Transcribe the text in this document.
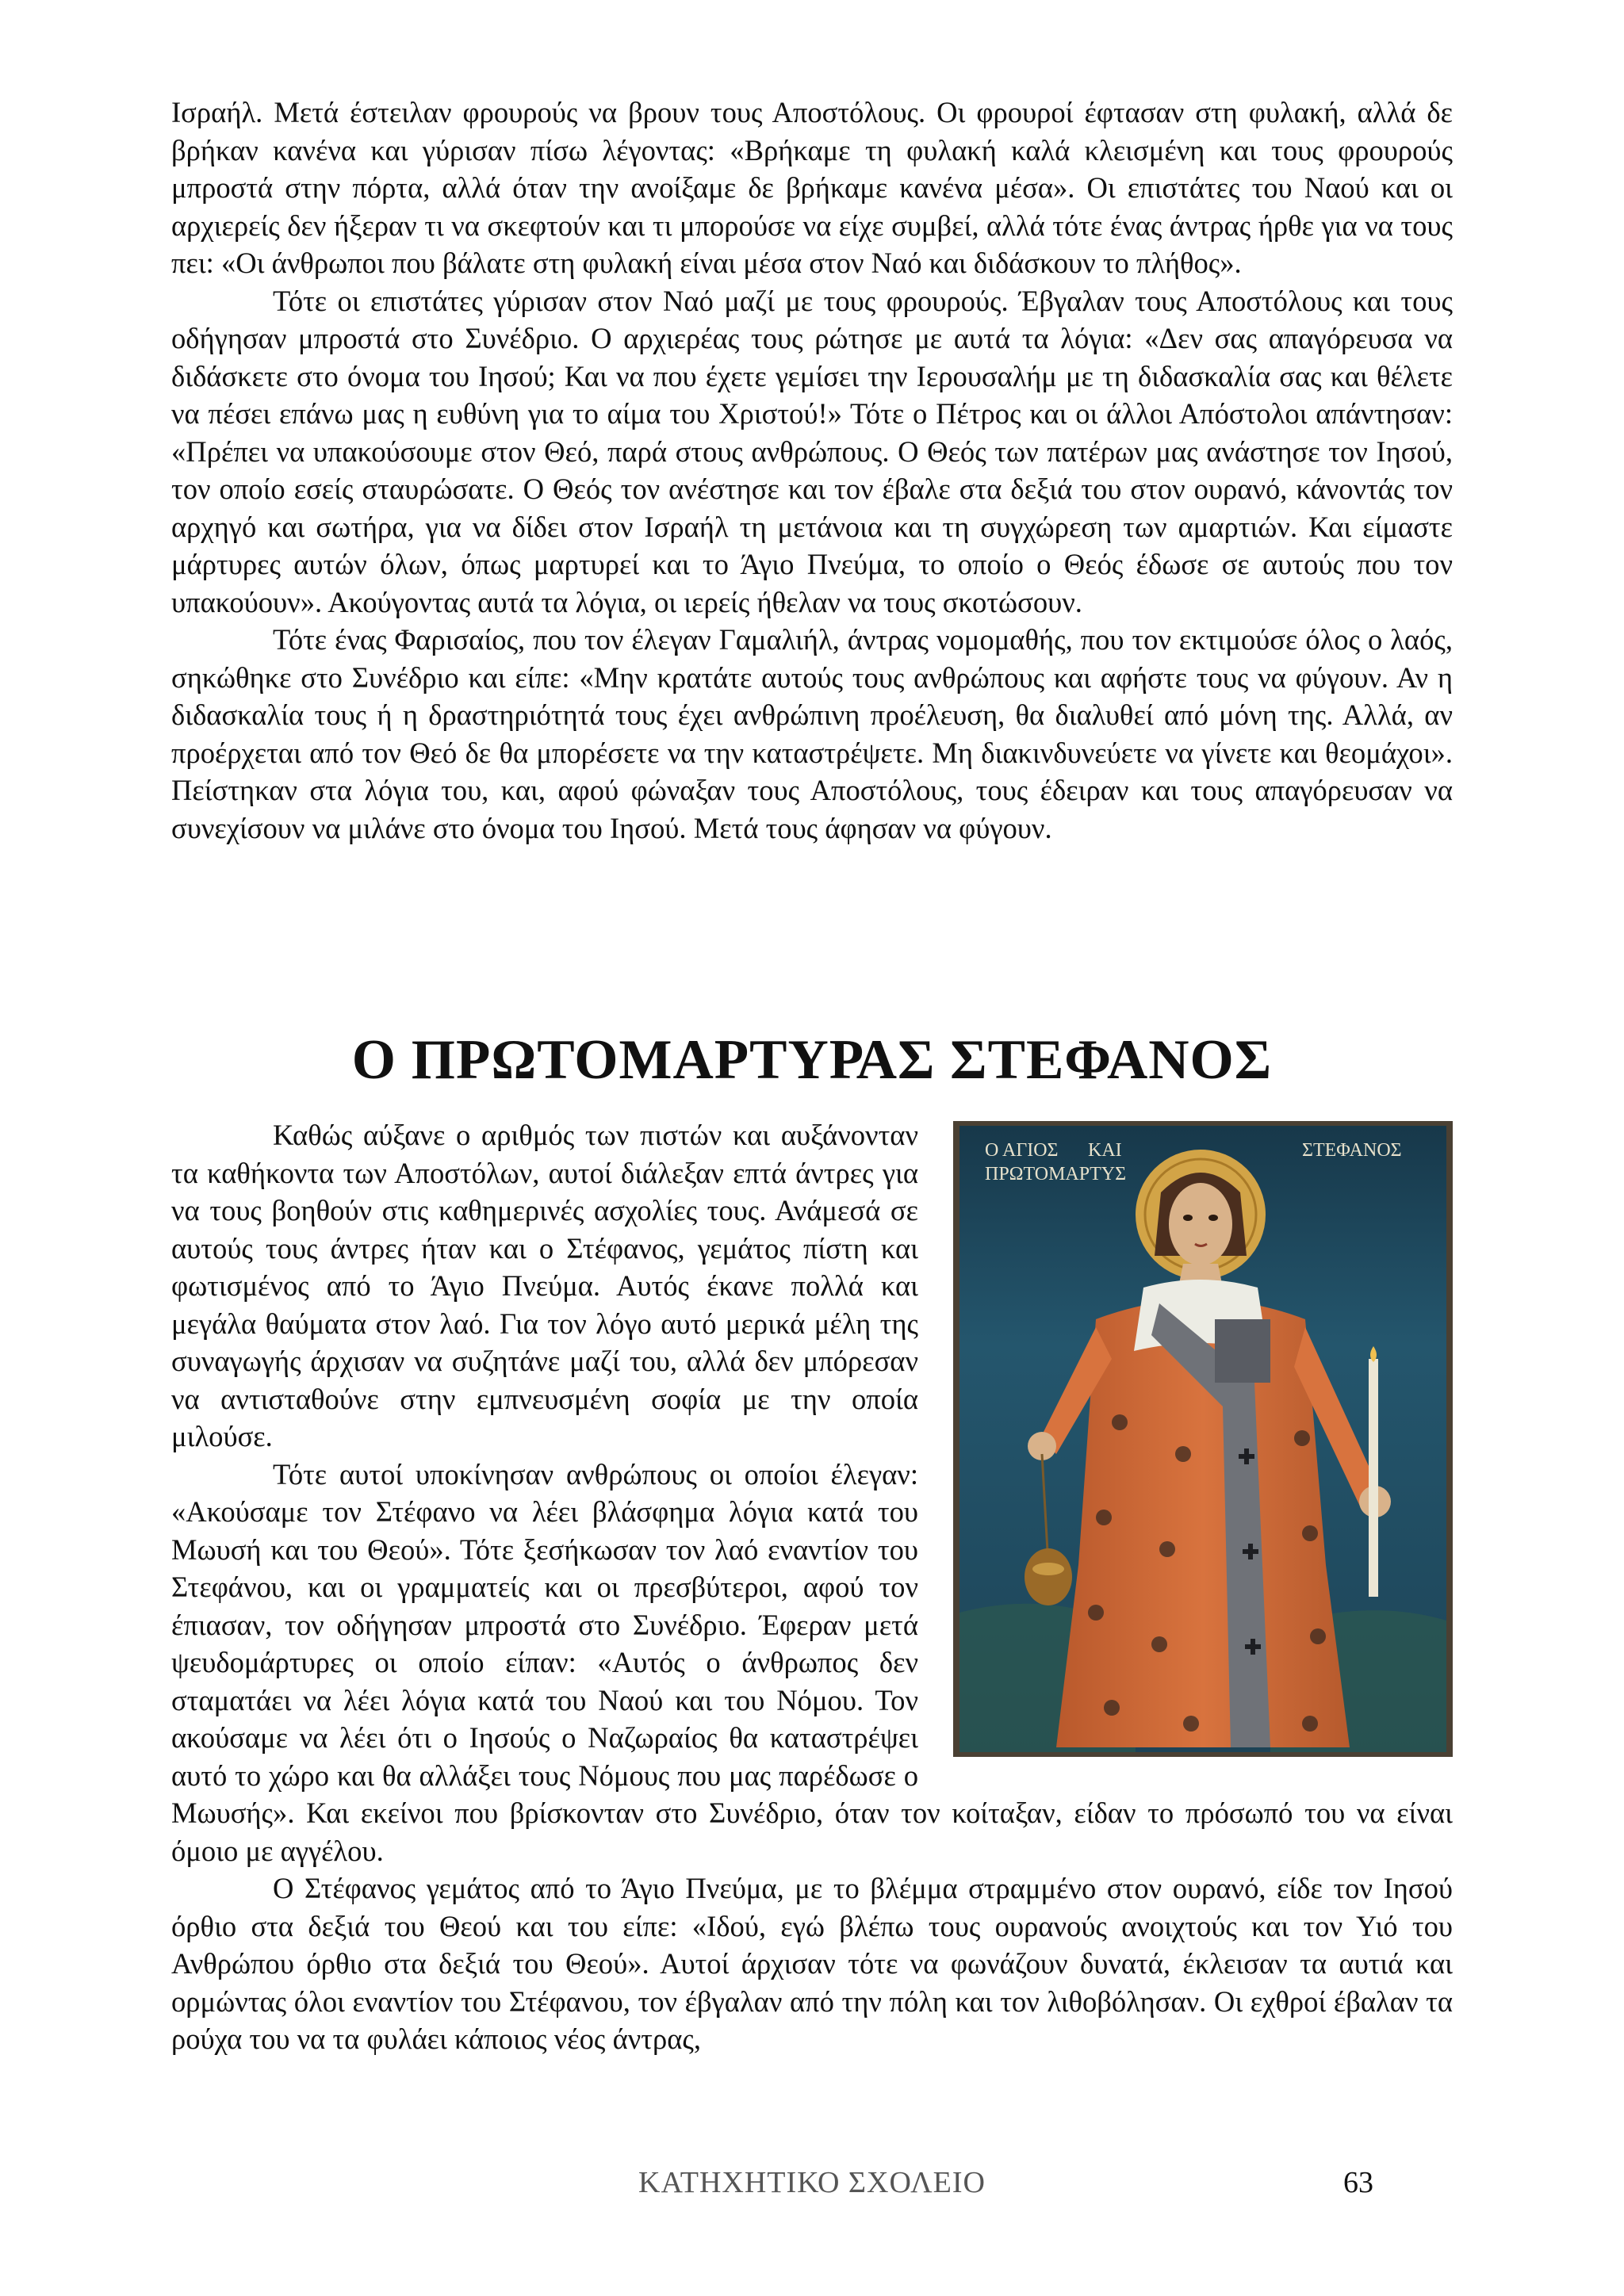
Ισραήλ. Μετά έστειλαν φρουρούς να βρουν τους Αποστόλους. Οι φρουροί έφτασαν στη φυλακή, αλλά δε βρήκαν κανένα και γύρισαν πίσω λέγοντας: «Βρήκαμε τη φυλακή καλά κλεισμένη και τους φρουρούς μπροστά στην πόρτα, αλλά όταν την ανοίξαμε δε βρήκαμε κανένα μέσα». Οι επιστάτες του Ναού και οι αρχιερείς δεν ήξεραν τι να σκεφτούν και τι μπορούσε να είχε συμβεί, αλλά τότε ένας άντρας ήρθε για να τους πει: «Οι άνθρωποι που βάλατε στη φυλακή είναι μέσα στον Ναό και διδάσκουν το πλήθος».

Τότε οι επιστάτες γύρισαν στον Ναό μαζί με τους φρουρούς. Έβγαλαν τους Αποστόλους και τους οδήγησαν μπροστά στο Συνέδριο. Ο αρχιερέας τους ρώτησε με αυτά τα λόγια: «Δεν σας απαγόρευσα να διδάσκετε στο όνομα του Ιησού; Και να που έχετε γεμίσει την Ιερουσαλήμ με τη διδασκαλία σας και θέλετε να πέσει επάνω μας η ευθύνη για το αίμα του Χριστού!» Τότε ο Πέτρος και οι άλλοι Απόστολοι απάντησαν: «Πρέπει να υπακούσουμε στον Θεό, παρά στους ανθρώπους. Ο Θεός των πατέρων μας ανάστησε τον Ιησού, τον οποίο εσείς σταυρώσατε. Ο Θεός τον ανέστησε και τον έβαλε στα δεξιά του στον ουρανό, κάνοντάς τον αρχηγό και σωτήρα, για να δίδει στον Ισραήλ τη μετάνοια και τη συγχώρεση των αμαρτιών. Και είμαστε μάρτυρες αυτών όλων, όπως μαρτυρεί και το Άγιο Πνεύμα, το οποίο ο Θεός έδωσε σε αυτούς που τον υπακούουν». Ακούγοντας αυτά τα λόγια, οι ιερείς ήθελαν να τους σκοτώσουν.

Τότε ένας Φαρισαίος, που τον έλεγαν Γαμαλιήλ, άντρας νομομαθής, που τον εκτιμούσε όλος ο λαός, σηκώθηκε στο Συνέδριο και είπε: «Μην κρατάτε αυτούς τους ανθρώπους και αφήστε τους να φύγουν. Αν η διδασκαλία τους ή η δραστηριότητά τους έχει ανθρώπινη προέλευση, θα διαλυθεί από μόνη της. Αλλά, αν προέρχεται από τον Θεό δε θα μπορέσετε να την καταστρέψετε. Μη διακινδυνεύετε να γίνετε και θεομάχοι». Πείστηκαν στα λόγια του, και, αφού φώναξαν τους Αποστόλους, τους έδειραν και τους απαγόρευσαν να συνεχίσουν να μιλάνε στο όνομα του Ιησού. Μετά τους άφησαν να φύγουν.

Ο ΠΡΩΤΟΜΑΡΤΥΡΑΣ ΣΤΕΦΑΝΟΣ
Ο ΑΓΙΟΣ
ΠΡΩΤΟΜΑΡΤΥΣ
ΚΑΙ	ΣΤΕΦΑΝΟΣ

Καθώς αύξανε ο αριθμός των πιστών και αυξάνονταν τα καθήκοντα των Αποστόλων, αυτοί διάλεξαν επτά άντρες για να τους βοηθούν στις καθημερινές ασχολίες τους. Ανάμεσά σε αυτούς τους άντρες ήταν και ο Στέφανος, γεμάτος πίστη και φωτισμένος από το Άγιο Πνεύμα. Αυτός έκανε πολλά και μεγάλα θαύματα στον λαό. Για τον λόγο αυτό μερικά μέλη της συναγωγής άρχισαν να συζητάνε μαζί του, αλλά δεν μπόρεσαν να αντισταθούνε στην εμπνευσμένη σοφία με την οποία μιλούσε.

Τότε αυτοί υποκίνησαν ανθρώπους οι οποίοι έλεγαν: «Ακούσαμε τον Στέφανο να λέει βλάσφημα λόγια κατά του Μωυσή και του Θεού». Τότε ξεσήκωσαν τον λαό εναντίον του Στεφάνου, και οι γραμματείς και οι πρεσβύτεροι, αφού τον έπιασαν, τον οδήγησαν μπροστά στο Συνέδριο. Έφεραν μετά ψευδομάρτυρες οι οποίο είπαν: «Αυτός ο άνθρωπος δεν σταματάει να λέει λόγια κατά του Ναού και του Νόμου. Τον ακούσαμε να λέει ότι ο Ιησούς ο Ναζωραίος θα καταστρέψει αυτό το χώρο και θα αλλάξει τους Νόμους που μας παρέδωσε ο Μωυσής». Και εκείνοι που βρίσκονταν στο Συνέδριο, όταν τον κοίταξαν, είδαν το πρόσωπό του να είναι όμοιο με αγγέλου.

Ο Στέφανος γεμάτος από το Άγιο Πνεύμα, με το βλέμμα στραμμένο στον ουρανό, είδε τον Ιησού όρθιο στα δεξιά του Θεού και του είπε: «Ιδού, εγώ βλέπω τους ουρανούς ανοιχτούς και τον Υιό του Ανθρώπου όρθιο στα δεξιά του Θεού». Αυτοί άρχισαν τότε να φωνάζουν δυνατά, έκλεισαν τα αυτιά και ορμώντας όλοι εναντίον του Στέφανου, τον έβγαλαν από την πόλη και τον λιθοβόλησαν. Οι εχθροί έβαλαν τα ρούχα του να τα φυλάει κάποιος νέος άντρας,

ΚΑΤΗΧΗΤΙΚΟ ΣΧΟΛΕΙΟ	63
